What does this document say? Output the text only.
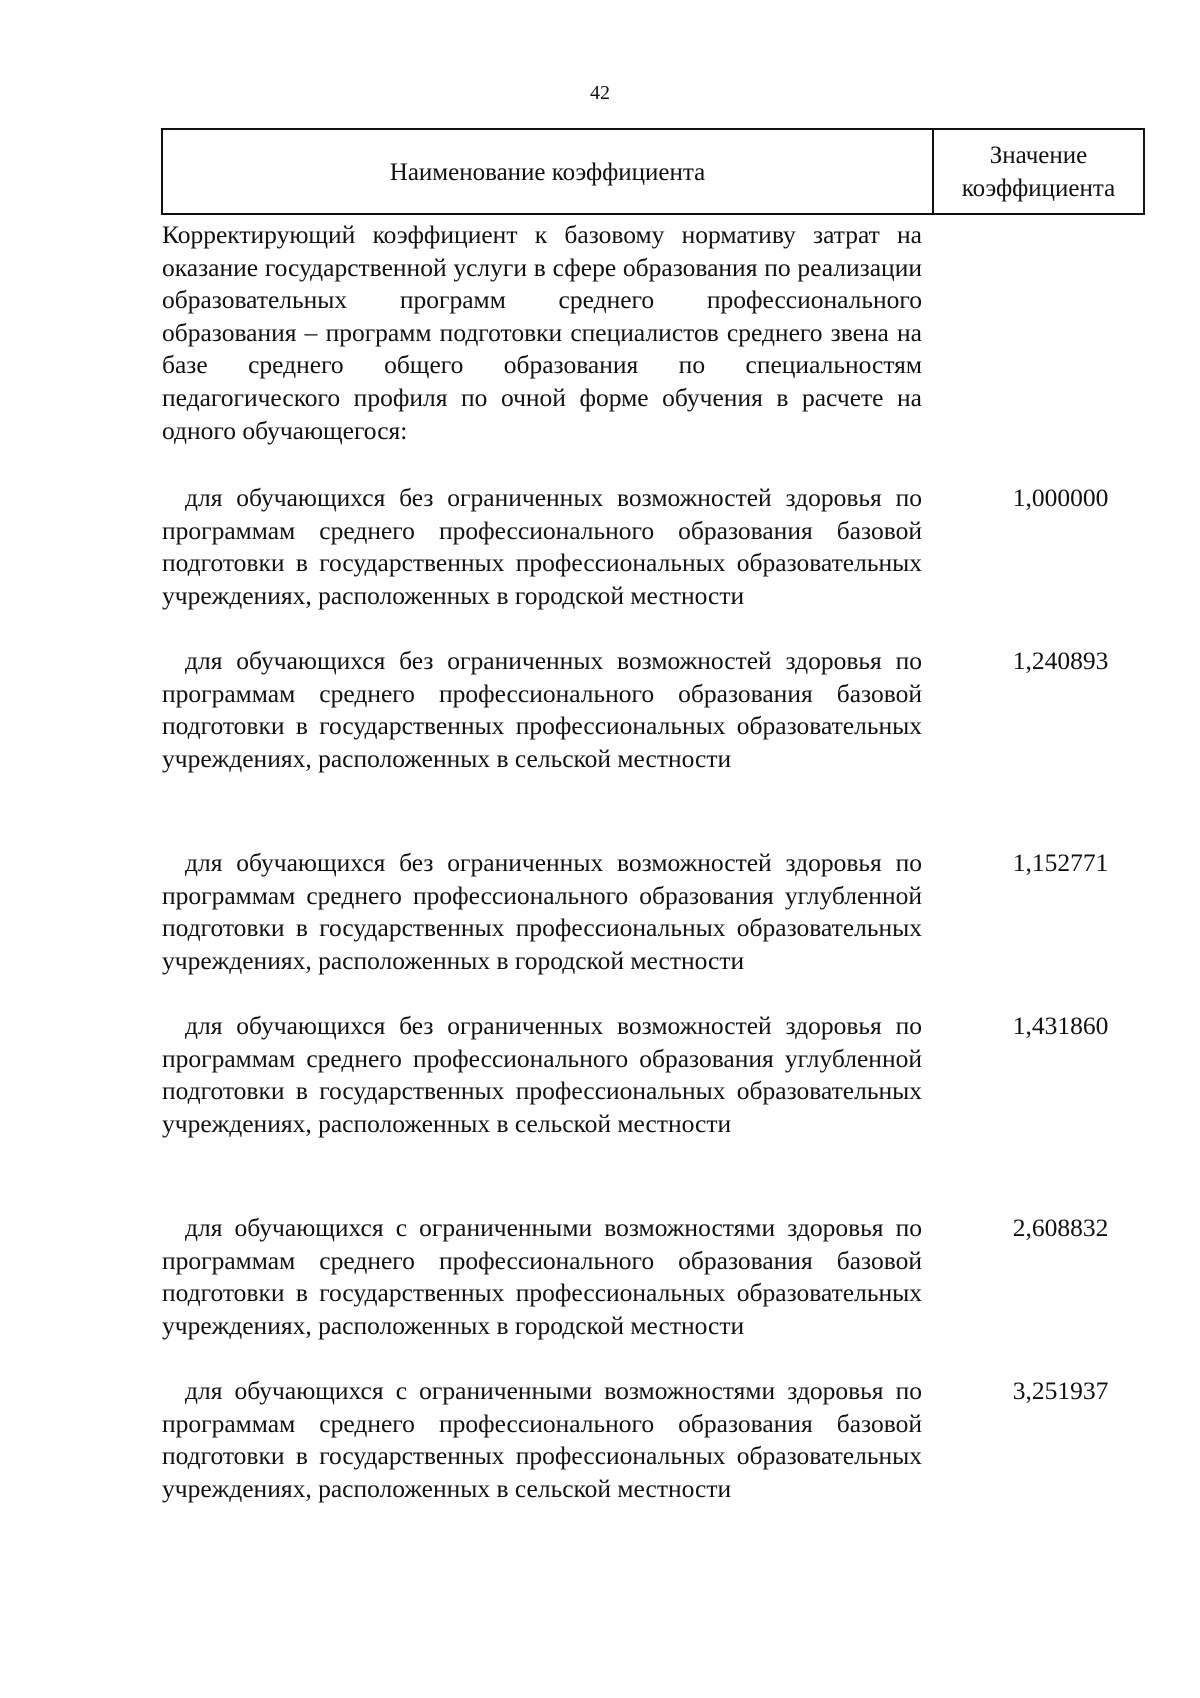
42
Наименование коэффициента
Значение
коэффициента
Корректирующий коэффициент к базовому нормативу затрат на оказание государственной услуги в сфере образования по реализации образовательных программ среднего профессионального образования – программ подготовки специалистов среднего звена на базе среднего общего образования по специальностям педагогического профиля по очной форме обучения в расчете на одного обучающегося:
для обучающихся без ограниченных возможностей здоровья по программам среднего профессионального образования базовой подготовки в государственных профессиональных образовательных учреждениях, расположенных в городской местности
1,000000
для обучающихся без ограниченных возможностей здоровья по программам среднего профессионального образования базовой подготовки в государственных профессиональных образовательных учреждениях, расположенных в сельской местности
1,240893
для обучающихся без ограниченных возможностей здоровья по программам среднего профессионального образования углубленной подготовки в государственных профессиональных образовательных учреждениях, расположенных в городской местности
1,152771
для обучающихся без ограниченных возможностей здоровья по программам среднего профессионального образования углубленной подготовки в государственных профессиональных образовательных учреждениях, расположенных в сельской местности
1,431860
для обучающихся с ограниченными возможностями здоровья по программам среднего профессионального образования базовой подготовки в государственных профессиональных образовательных учреждениях, расположенных в городской местности
2,608832
для обучающихся с ограниченными возможностями здоровья по программам среднего профессионального образования базовой подготовки в государственных профессиональных образовательных учреждениях, расположенных в сельской местности
3,251937
